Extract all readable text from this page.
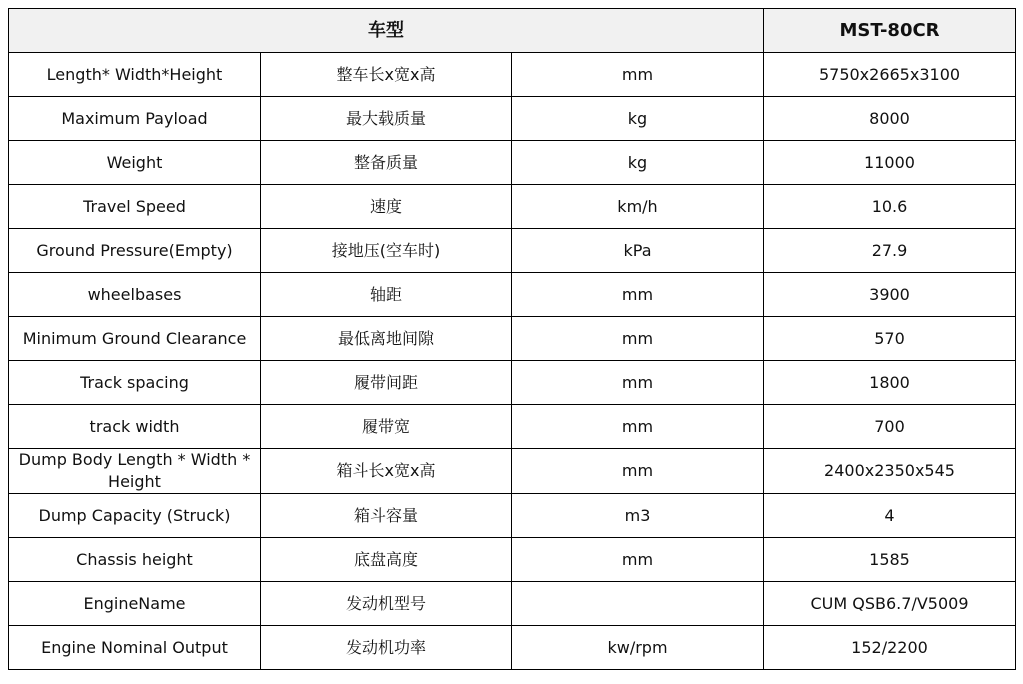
车型			MST-80CR
Length* Width*Height	整车长x宽x高	mm	5750x2665x3100
Maximum Payload	最大载质量	kg	8000
Weight	整备质量	kg	11000
Travel Speed	速度	km/h	10.6
Ground Pressure(Empty)	接地压(空车时)	kPa	27.9
wheelbases	轴距	mm	3900
Minimum Ground Clearance	最低离地间隙	mm	570
Track spacing	履带间距	mm	1800
track width	履带宽	mm	700
Dump Body Length * Width * Height	箱斗长x宽x高	mm	2400x2350x545
Dump Capacity (Struck)	箱斗容量	m3	4
Chassis height	底盘高度	mm	1585
EngineName	发动机型号		CUM QSB6.7/V5009
Engine Nominal Output	发动机功率	kw/rpm	152/2200
